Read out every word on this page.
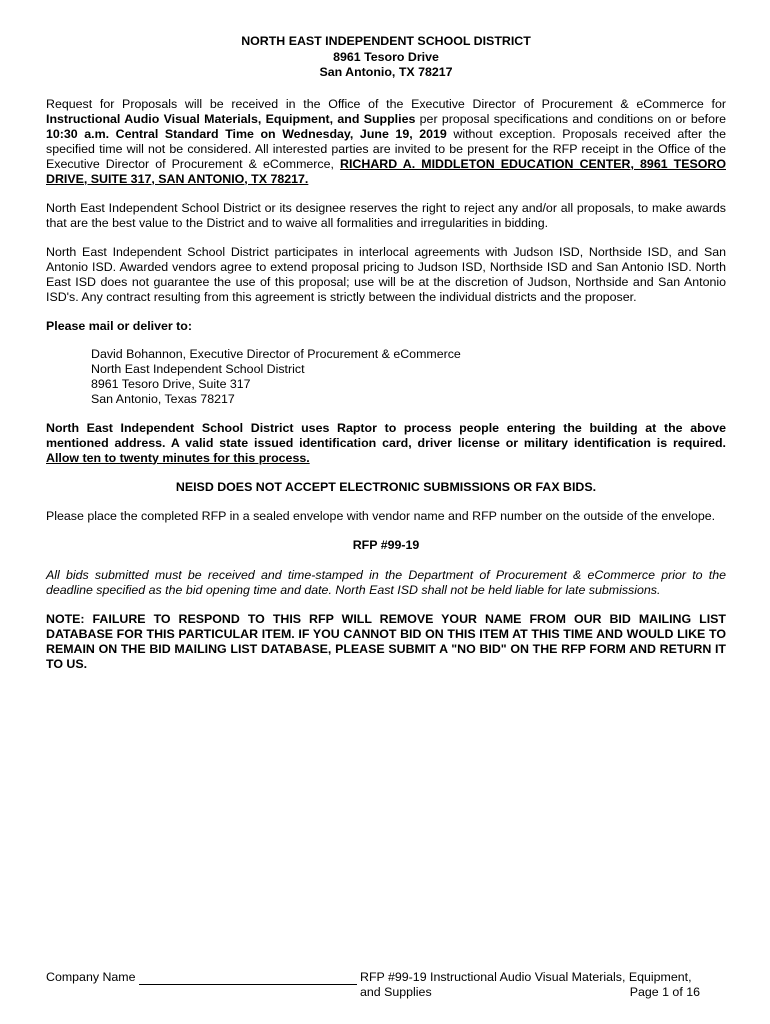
NORTH EAST INDEPENDENT SCHOOL DISTRICT
8961 Tesoro Drive
San Antonio, TX 78217

Request for Proposals will be received in the Office of the Executive Director of Procurement & eCommerce for Instructional Audio Visual Materials, Equipment, and Supplies per proposal specifications and conditions on or before 10:30 a.m. Central Standard Time on Wednesday, June 19, 2019 without exception. Proposals received after the specified time will not be considered. All interested parties are invited to be present for the RFP receipt in the Office of the Executive Director of Procurement & eCommerce, RICHARD A. MIDDLETON EDUCATION CENTER, 8961 TESORO DRIVE, SUITE 317, SAN ANTONIO, TX 78217.

North East Independent School District or its designee reserves the right to reject any and/or all proposals, to make awards that are the best value to the District and to waive all formalities and irregularities in bidding.

North East Independent School District participates in interlocal agreements with Judson ISD, Northside ISD, and San Antonio ISD. Awarded vendors agree to extend proposal pricing to Judson ISD, Northside ISD and San Antonio ISD. North East ISD does not guarantee the use of this proposal; use will be at the discretion of Judson, Northside and San Antonio ISD's. Any contract resulting from this agreement is strictly between the individual districts and the proposer.

Please mail or deliver to:

David Bohannon, Executive Director of Procurement & eCommerce
North East Independent School District
8961 Tesoro Drive, Suite 317
San Antonio, Texas 78217

North East Independent School District uses Raptor to process people entering the building at the above mentioned address. A valid state issued identification card, driver license or military identification is required. Allow ten to twenty minutes for this process.

NEISD DOES NOT ACCEPT ELECTRONIC SUBMISSIONS OR FAX BIDS.

Please place the completed RFP in a sealed envelope with vendor name and RFP number on the outside of the envelope.

RFP #99-19

All bids submitted must be received and time-stamped in the Department of Procurement & eCommerce prior to the deadline specified as the bid opening time and date. North East ISD shall not be held liable for late submissions.

NOTE: FAILURE TO RESPOND TO THIS RFP WILL REMOVE YOUR NAME FROM OUR BID MAILING LIST DATABASE FOR THIS PARTICULAR ITEM. IF YOU CANNOT BID ON THIS ITEM AT THIS TIME AND WOULD LIKE TO REMAIN ON THE BID MAILING LIST DATABASE, PLEASE SUBMIT A "NO BID" ON THE RFP FORM AND RETURN IT TO US.

Company Name	RFP #99-19 Instructional Audio Visual Materials, Equipment,
and Supplies	Page 1 of 16
